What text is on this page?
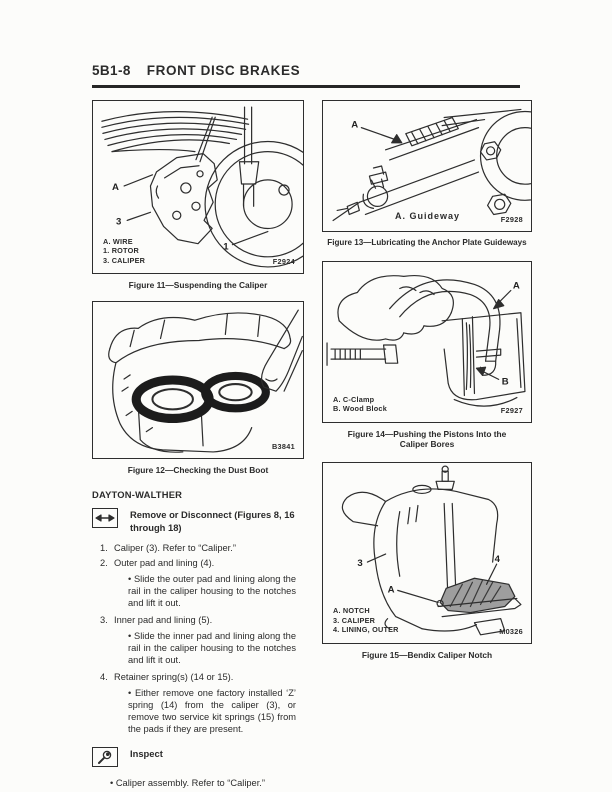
5B1-8 FRONT DISC BRAKES
A
3
1
A. WIRE
1. ROTOR
3. CALIPER	F2924
Figure 11—Suspending the Caliper
B3841
Figure 12—Checking the Dust Boot
DAYTON-WALTHER
Remove or Disconnect (Figures 8, 16 through 18)
1. Caliper (3). Refer to “Caliper.”
2. Outer pad and lining (4).
• Slide the outer pad and lining along the rail in the caliper housing to the notches and lift it out.
3. Inner pad and lining (5).
• Slide the inner pad and lining along the rail in the caliper housing to the notches and lift it out.
4. Retainer spring(s) (14 or 15).
• Either remove one factory installed ‘Z’ spring (14) from the caliper (3), or remove two service kit springs (15) from the pads if they are present.
Inspect
• Caliper assembly. Refer to “Caliper.”
A
A. Guideway	F2928
Figure 13—Lubricating the Anchor Plate Guideways
A
B
A. C-Clamp
B. Wood Block	F2927
Figure 14—Pushing the Pistons Into the
Caliper Bores
3
A
4
A. NOTCH
3. CALIPER
4. LINING, OUTER	M0326
Figure 15—Bendix Caliper Notch
